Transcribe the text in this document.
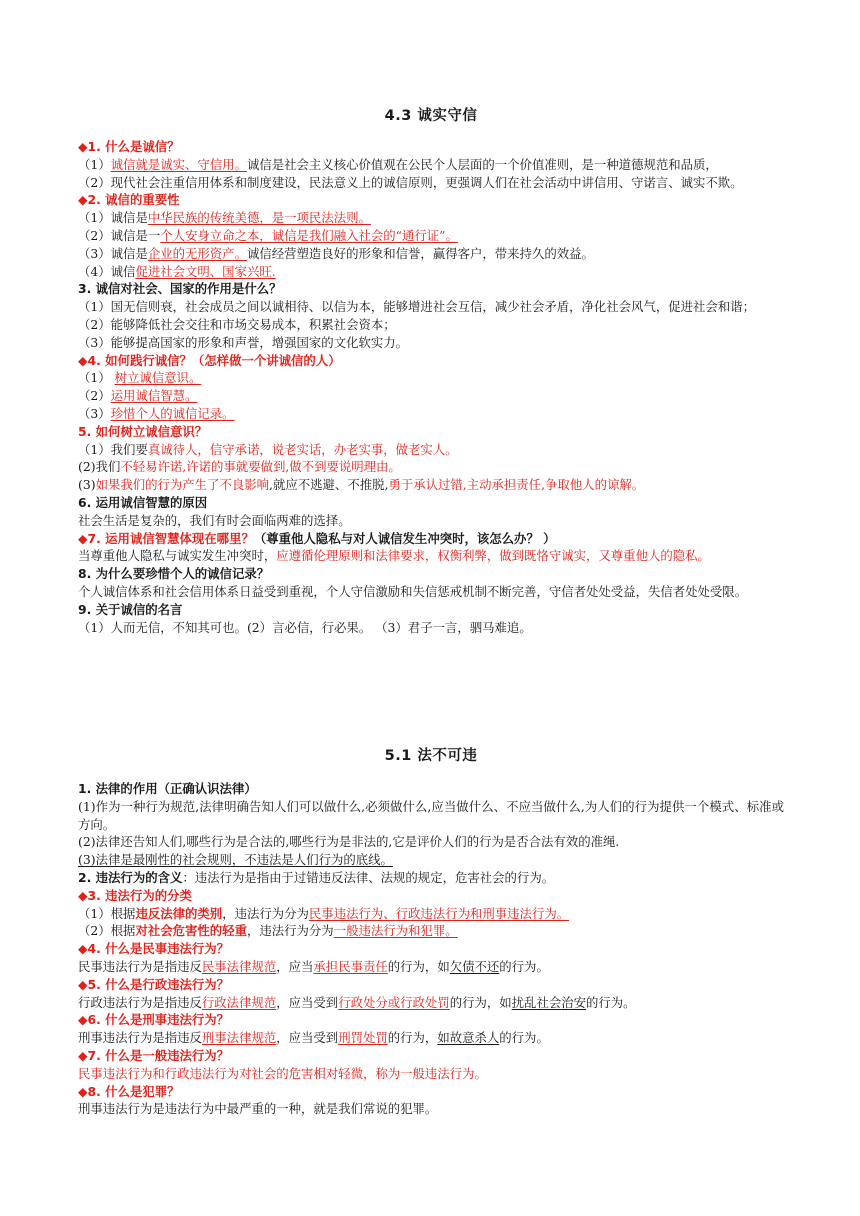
4.3 诚实守信

◆1. 什么是诚信？

（1）诚信就是诚实、守信用。诚信是社会主义核心价值观在公民个人层面的一个价值准则，是一种道德规范和品质，

（2）现代社会注重信用体系和制度建设，民法意义上的诚信原则，更强调人们在社会活动中讲信用、守诺言、诚实不欺。

◆2. 诚信的重要性

（1）诚信是中华民族的传统美德，是一项民法法则。

（2）诚信是一个人安身立命之本，诚信是我们融入社会的“通行证”。

（3）诚信是企业的无形资产。诚信经营塑造良好的形象和信誉，赢得客户，带来持久的效益。

（4）诚信促进社会文明、国家兴旺.

3. 诚信对社会、国家的作用是什么？

（1）国无信则衰，社会成员之间以诚相待、以信为本，能够增进社会互信，减少社会矛盾，净化社会风气，促进社会和谐；

（2）能够降低社会交往和市场交易成本，积累社会资本；

（3）能够提高国家的形象和声誉，增强国家的文化软实力。

◆4. 如何践行诚信？（怎样做一个讲诚信的人）

（1） 树立诚信意识。

（2）运用诚信智慧。

（3）珍惜个人的诚信记录。

5. 如何树立诚信意识？

（1）我们要真诚待人，信守承诺，说老实话，办老实事，做老实人。

(2)我们不轻易许诺,许诺的事就要做到,做不到要说明理由。

(3)如果我们的行为产生了不良影响,就应不逃避、不推脱,勇于承认过错,主动承担责任,争取他人的谅解。

6. 运用诚信智慧的原因

社会生活是复杂的，我们有时会面临两难的选择。

◆7. 运用诚信智慧体现在哪里？（尊重他人隐私与对人诚信发生冲突时，该怎么办？ ）

当尊重他人隐私与诚实发生冲突时，应遵循伦理原则和法律要求，权衡利弊，做到既恪守诚实，又尊重他人的隐私。

8. 为什么要珍惜个人的诚信记录？

个人诚信体系和社会信用体系日益受到重视，个人守信激励和失信惩戒机制不断完善，守信者处处受益，失信者处处受限。

9. 关于诚信的名言

（1）人而无信，不知其可也。(2）言必信，行必果。 （3）君子一言，驷马难追。

5.1 法不可违

1. 法律的作用（正确认识法律）

(1)作为一种行为规范,法律明确告知人们可以做什么,必须做什么,应当做什么、不应当做什么,为人们的行为提供一个模式、标准或方向。

(2)法律还告知人们,哪些行为是合法的,哪些行为是非法的,它是评价人们的行为是否合法有效的准绳.

(3)法律是最刚性的社会规则，不违法是人们行为的底线。

2. 违法行为的含义：违法行为是指由于过错违反法律、法规的规定，危害社会的行为。

◆3. 违法行为的分类

（1）根据违反法律的类别，违法行为分为民事违法行为、行政违法行为和刑事违法行为。

（2）根据对社会危害性的轻重，违法行为分为一般违法行为和犯罪。

◆4. 什么是民事违法行为？

民事违法行为是指违反民事法律规范，应当承担民事责任的行为，如欠债不还的行为。

◆5. 什么是行政违法行为？

行政违法行为是指违反行政法律规范，应当受到行政处分或行政处罚的行为，如扰乱社会治安的行为。

◆6. 什么是刑事违法行为？

刑事违法行为是指违反刑事法律规范，应当受到刑罚处罚的行为，如故意杀人的行为。

◆7. 什么是一般违法行为？

民事违法行为和行政违法行为对社会的危害相对轻微，称为一般违法行为。

◆8. 什么是犯罪？

刑事违法行为是违法行为中最严重的一种，就是我们常说的犯罪。
